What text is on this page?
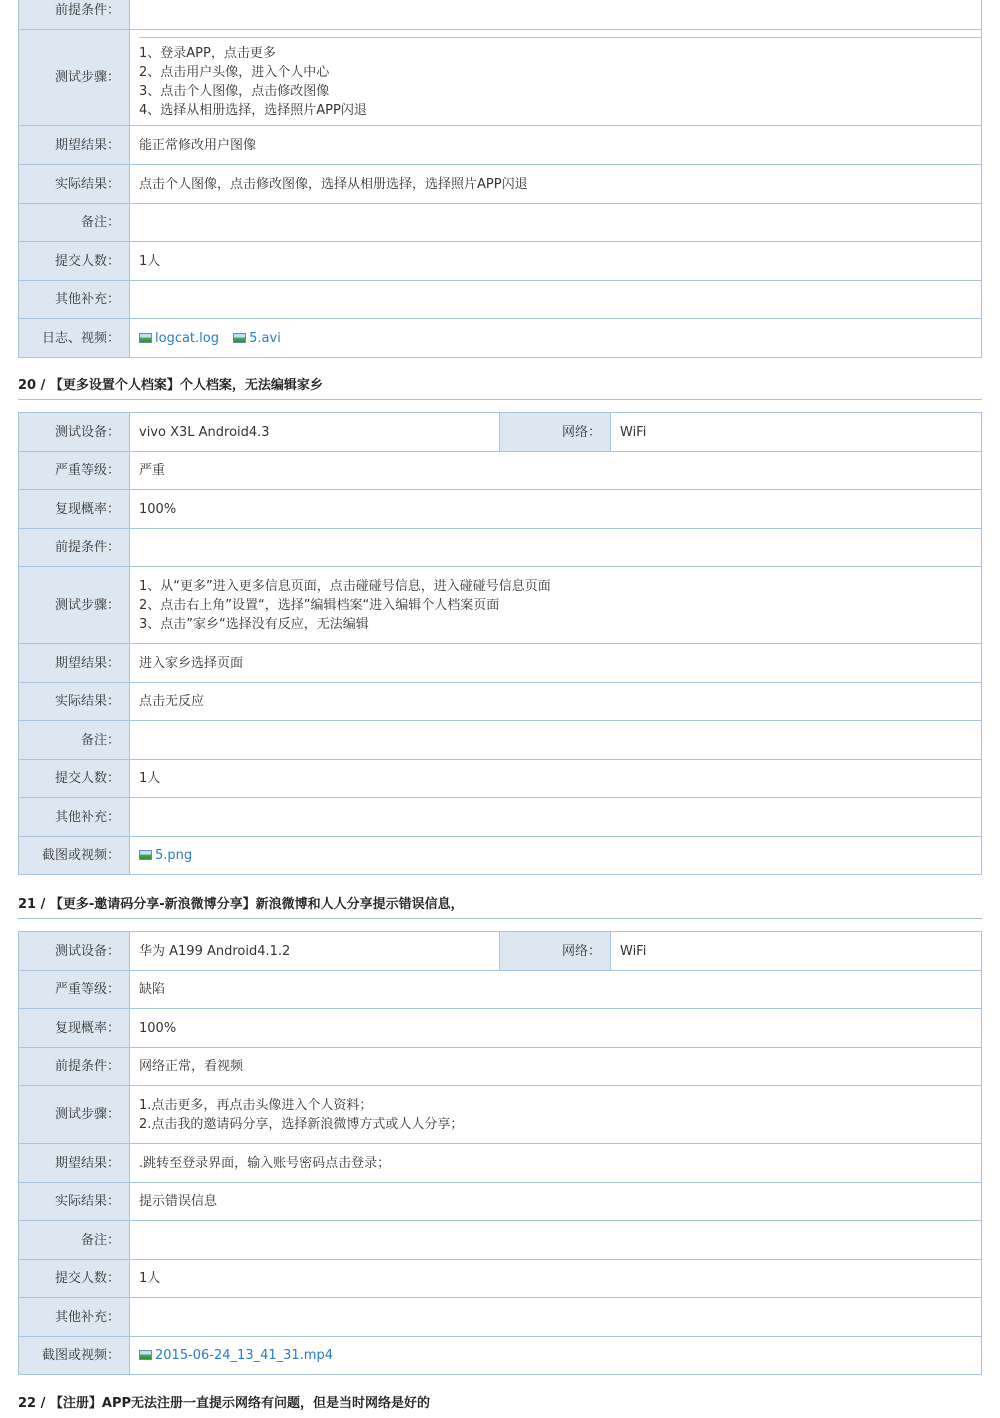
前提条件：	
测试步骤：	1、登录APP，点击更多
2、点击用户头像，进入个人中心
3、点击个人图像，点击修改图像
4、选择从相册选择，选择照片APP闪退

期望结果：	能正常修改用户图像
实际结果：	点击个人图像，点击修改图像，选择从相册选择，选择照片APP闪退
备注：	
提交人数：	1人
其他补充：	
日志、视频：	logcat.log 5.avi
20 / 【更多设置个人档案】个人档案，无法编辑家乡
测试设备：	vivo X3L Android4.3	网络：	WiFi
严重等级：	严重		
复现概率：	100%		
前提条件：			
测试步骤：	1、从“更多”进入更多信息页面，点击碰碰号信息，进入碰碰号信息页面
2、点击右上角”设置“，选择”编辑档案“进入编辑个人档案页面
3、点击”家乡“选择没有反应，无法编辑		

期望结果：	进入家乡选择页面		
实际结果：	点击无反应		
备注：			
提交人数：	1人		
其他补充：			
截图或视频：	5.png		
21 / 【更多-邀请码分享-新浪微博分享】新浪微博和人人分享提示错误信息，
测试设备：	华为 A199 Android4.1.2	网络：	WiFi
严重等级：	缺陷		
复现概率：	100%		
前提条件：	网络正常，看视频		
测试步骤：	1.点击更多，再点击头像进入个人资料；
2.点击我的邀请码分享，选择新浪微博方式或人人分享；		

期望结果：	.跳转至登录界面，输入账号密码点击登录；		
实际结果：	提示错误信息		
备注：			
提交人数：	1人		
其他补充：			
截图或视频：	2015-06-24_13_41_31.mp4		
22 / 【注册】APP无法注册一直提示网络有问题，但是当时网络是好的
